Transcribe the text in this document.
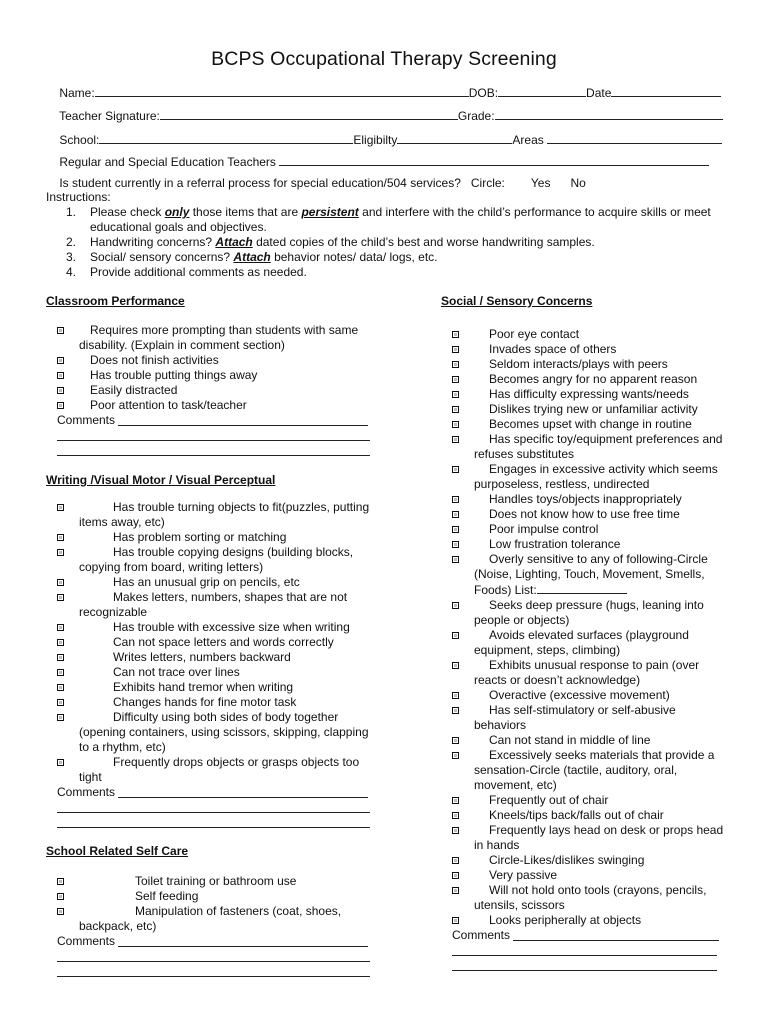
BCPS Occupational Therapy Screening

Name:	DOB:	Date

Teacher Signature:	Grade:

School:	Eligibilty	Areas

Regular and Special Education Teachers

Is student currently in a referral process for special education/504 services? Circle: Yes No

Instructions:
1. Please check only those items that are persistent and interfere with the child’s performance to acquire skills or meet educational goals and objectives.
2. Handwriting concerns? Attach dated copies of the child’s best and worse handwriting samples.
3. Social/ sensory concerns? Attach behavior notes/ data/ logs, etc.
4. Provide additional comments as needed.
Classroom Performance
Requires more prompting than students with same disability. (Explain in comment section)
Does not finish activities
Has trouble putting things away
Easily distracted
Poor attention to task/teacher
Comments
Writing /Visual Motor / Visual Perceptual
Has trouble turning objects to fit(puzzles, putting items away, etc)
Has problem sorting or matching
Has trouble copying designs (building blocks, copying from board, writing letters)
Has an unusual grip on pencils, etc
Makes letters, numbers, shapes that are not recognizable
Has trouble with excessive size when writing
Can not space letters and words correctly
Writes letters, numbers backward
Can not trace over lines
Exhibits hand tremor when writing
Changes hands for fine motor task
Difficulty using both sides of body together (opening containers, using scissors, skipping, clapping to a rhythm, etc)
Frequently drops objects or grasps objects too tight
Comments
School Related Self Care
Toilet training or bathroom use
Self feeding
Manipulation of fasteners (coat, shoes, backpack, etc)
Comments
Social / Sensory Concerns
Poor eye contact
Invades space of others
Seldom interacts/plays with peers
Becomes angry for no apparent reason
Has difficulty expressing wants/needs
Dislikes trying new or unfamiliar activity
Becomes upset with change in routine
Has specific toy/equipment preferences and refuses substitutes
Engages in excessive activity which seems purposeless, restless, undirected
Handles toys/objects inappropriately
Does not know how to use free time
Poor impulse control
Low frustration tolerance
Overly sensitive to any of following-Circle (Noise, Lighting, Touch, Movement, Smells, Foods) List:
Seeks deep pressure (hugs, leaning into people or objects)
Avoids elevated surfaces (playground equipment, steps, climbing)
Exhibits unusual response to pain (over reacts or doesn’t acknowledge)
Overactive (excessive movement)
Has self-stimulatory or self-abusive behaviors
Can not stand in middle of line
Excessively seeks materials that provide a sensation-Circle (tactile, auditory, oral, movement, etc)
Frequently out of chair
Kneels/tips back/falls out of chair
Frequently lays head on desk or props head in hands
Circle-Likes/dislikes swinging
Very passive
Will not hold onto tools (crayons, pencils, utensils, scissors
Looks peripherally at objects
Comments
